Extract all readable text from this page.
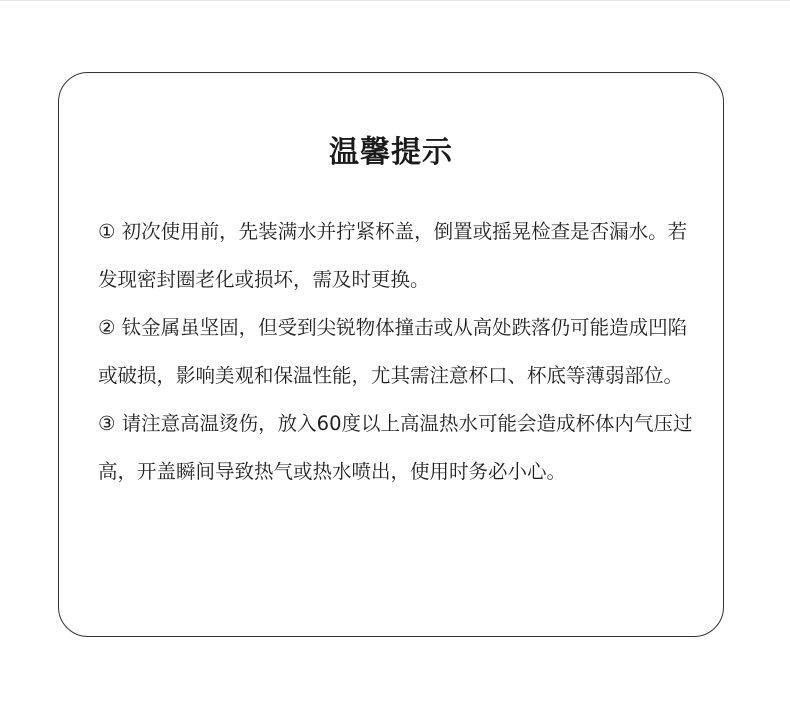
温馨提示

① 初次使用前，先装满水并拧紧杯盖，倒置或摇晃检查是否漏水。若发现密封圈老化或损坏，需及时更换。

② 钛金属虽坚固，但受到尖锐物体撞击或从高处跌落仍可能造成凹陷或破损，影响美观和保温性能，尤其需注意杯口、杯底等薄弱部位。

③ 请注意高温烫伤，放入60度以上高温热水可能会造成杯体内气压过高，开盖瞬间导致热气或热水喷出，使用时务必小心。
